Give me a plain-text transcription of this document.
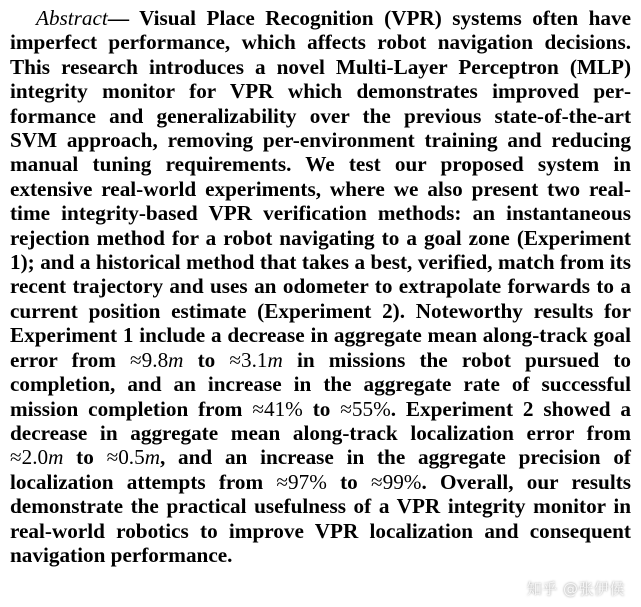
Abstract— Visual Place Recognition (VPR) systems often have imperfect performance, which affects robot navigation decisions. This research introduces a novel Multi-Layer Perceptron (MLP) integrity monitor for VPR which demonstrates improved performance and generalizability over the previous state-of-the-art SVM approach, removing per-environment training and reducing manual tuning requirements. We test our proposed system in extensive real-world experiments, where we also present two real-time integrity-based VPR verification methods: an instantaneous rejection method for a robot navigating to a goal zone (Experiment 1); and a historical method that takes a best, verified, match from its recent trajectory and uses an odometer to extrapolate forwards to a current position estimate (Experiment 2). Noteworthy results for Experiment 1 include a decrease in aggregate mean along-track goal error from ≈9.8m to ≈3.1m in missions the robot pursued to completion, and an increase in the aggregate rate of successful mission completion from ≈41% to ≈55%. Experiment 2 showed a decrease in aggregate mean along-track localization error from ≈2.0m to ≈0.5m, and an increase in the aggregate precision of localization attempts from ≈97% to ≈99%. Overall, our results demonstrate the practical usefulness of a VPR integrity monitor in real-world robotics to improve VPR localization and consequent navigation performance.

知乎 @张伊侯
